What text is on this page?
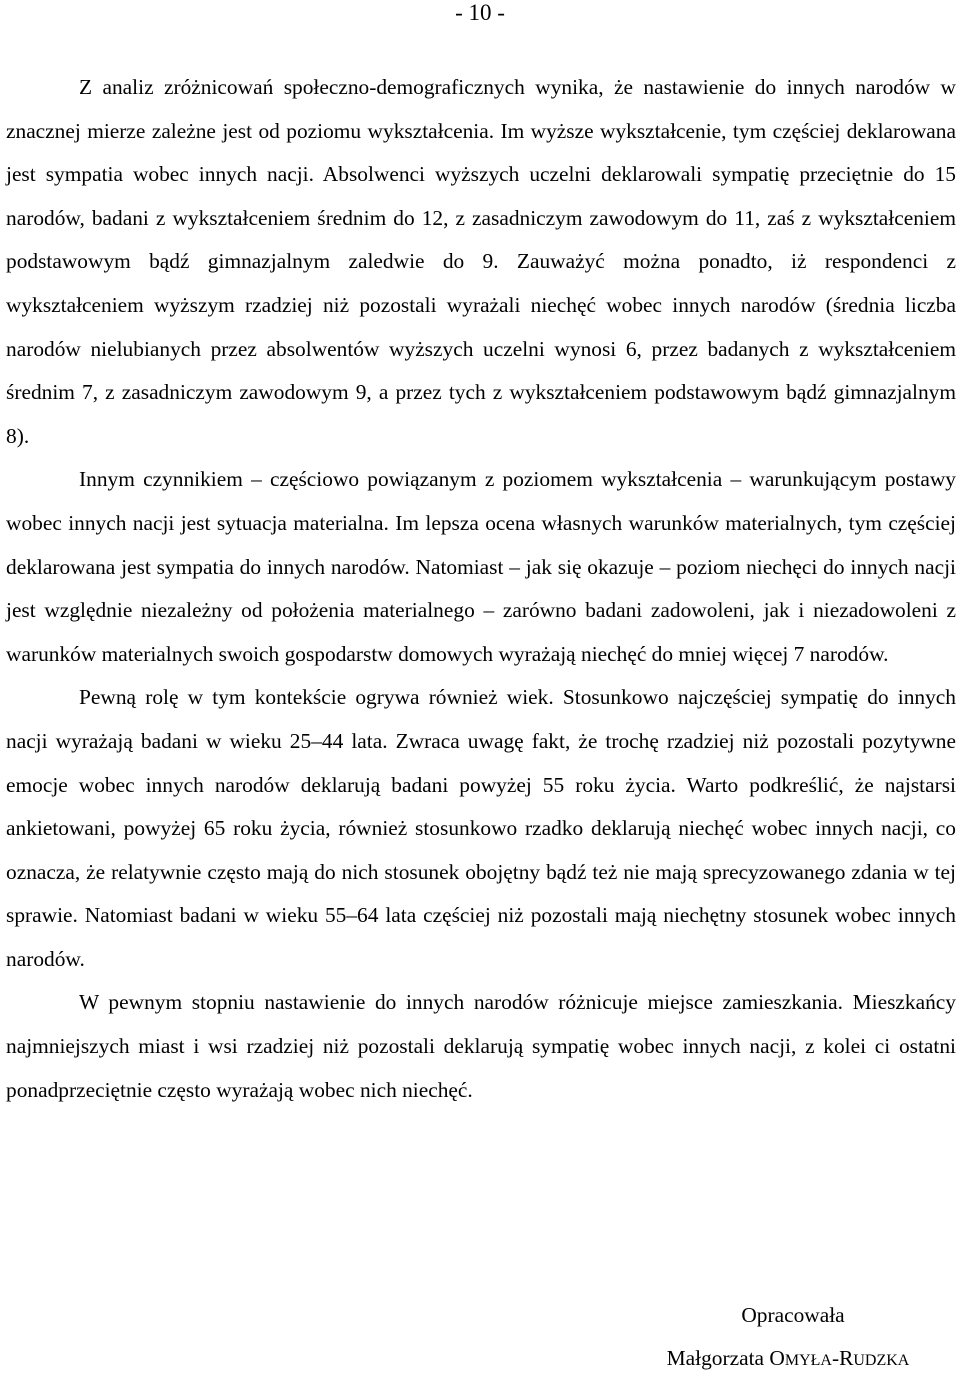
- 10 -

Z analiz zróżnicowań społeczno-demograficznych wynika, że nastawienie do innych narodów w znacznej mierze zależne jest od poziomu wykształcenia. Im wyższe wykształcenie, tym częściej deklarowana jest sympatia wobec innych nacji. Absolwenci wyższych uczelni deklarowali sympatię przeciętnie do 15 narodów, badani z wykształceniem średnim do 12, z zasadniczym zawodowym do 11, zaś z wykształceniem podstawowym bądź gimnazjalnym zaledwie do 9. Zauważyć można ponadto, iż respondenci z wykształceniem wyższym rzadziej niż pozostali wyrażali niechęć wobec innych narodów (średnia liczba narodów nielubianych przez absolwentów wyższych uczelni wynosi 6, przez badanych z wykształceniem średnim 7, z zasadniczym zawodowym 9, a przez tych z wykształceniem podstawowym bądź gimnazjalnym 8).

Innym czynnikiem – częściowo powiązanym z poziomem wykształcenia – warunkującym postawy wobec innych nacji jest sytuacja materialna. Im lepsza ocena własnych warunków materialnych, tym częściej deklarowana jest sympatia do innych narodów. Natomiast – jak się okazuje – poziom niechęci do innych nacji jest względnie niezależny od położenia materialnego – zarówno badani zadowoleni, jak i niezadowoleni z warunków materialnych swoich gospodarstw domowych wyrażają niechęć do mniej więcej 7 narodów.

Pewną rolę w tym kontekście ogrywa również wiek. Stosunkowo najczęściej sympatię do innych nacji wyrażają badani w wieku 25–44 lata. Zwraca uwagę fakt, że trochę rzadziej niż pozostali pozytywne emocje wobec innych narodów deklarują badani powyżej 55 roku życia. Warto podkreślić, że najstarsi ankietowani, powyżej 65 roku życia, również stosunkowo rzadko deklarują niechęć wobec innych nacji, co oznacza, że relatywnie często mają do nich stosunek obojętny bądź też nie mają sprecyzowanego zdania w tej sprawie. Natomiast badani w wieku 55–64 lata częściej niż pozostali mają niechętny stosunek wobec innych narodów.

W pewnym stopniu nastawienie do innych narodów różnicuje miejsce zamieszkania. Mieszkańcy najmniejszych miast i wsi rzadziej niż pozostali deklarują sympatię wobec innych nacji, z kolei ci ostatni ponadprzeciętnie często wyrażają wobec nich niechęć.

Opracowała
Małgorzata OMYŁA-RUDZKA
